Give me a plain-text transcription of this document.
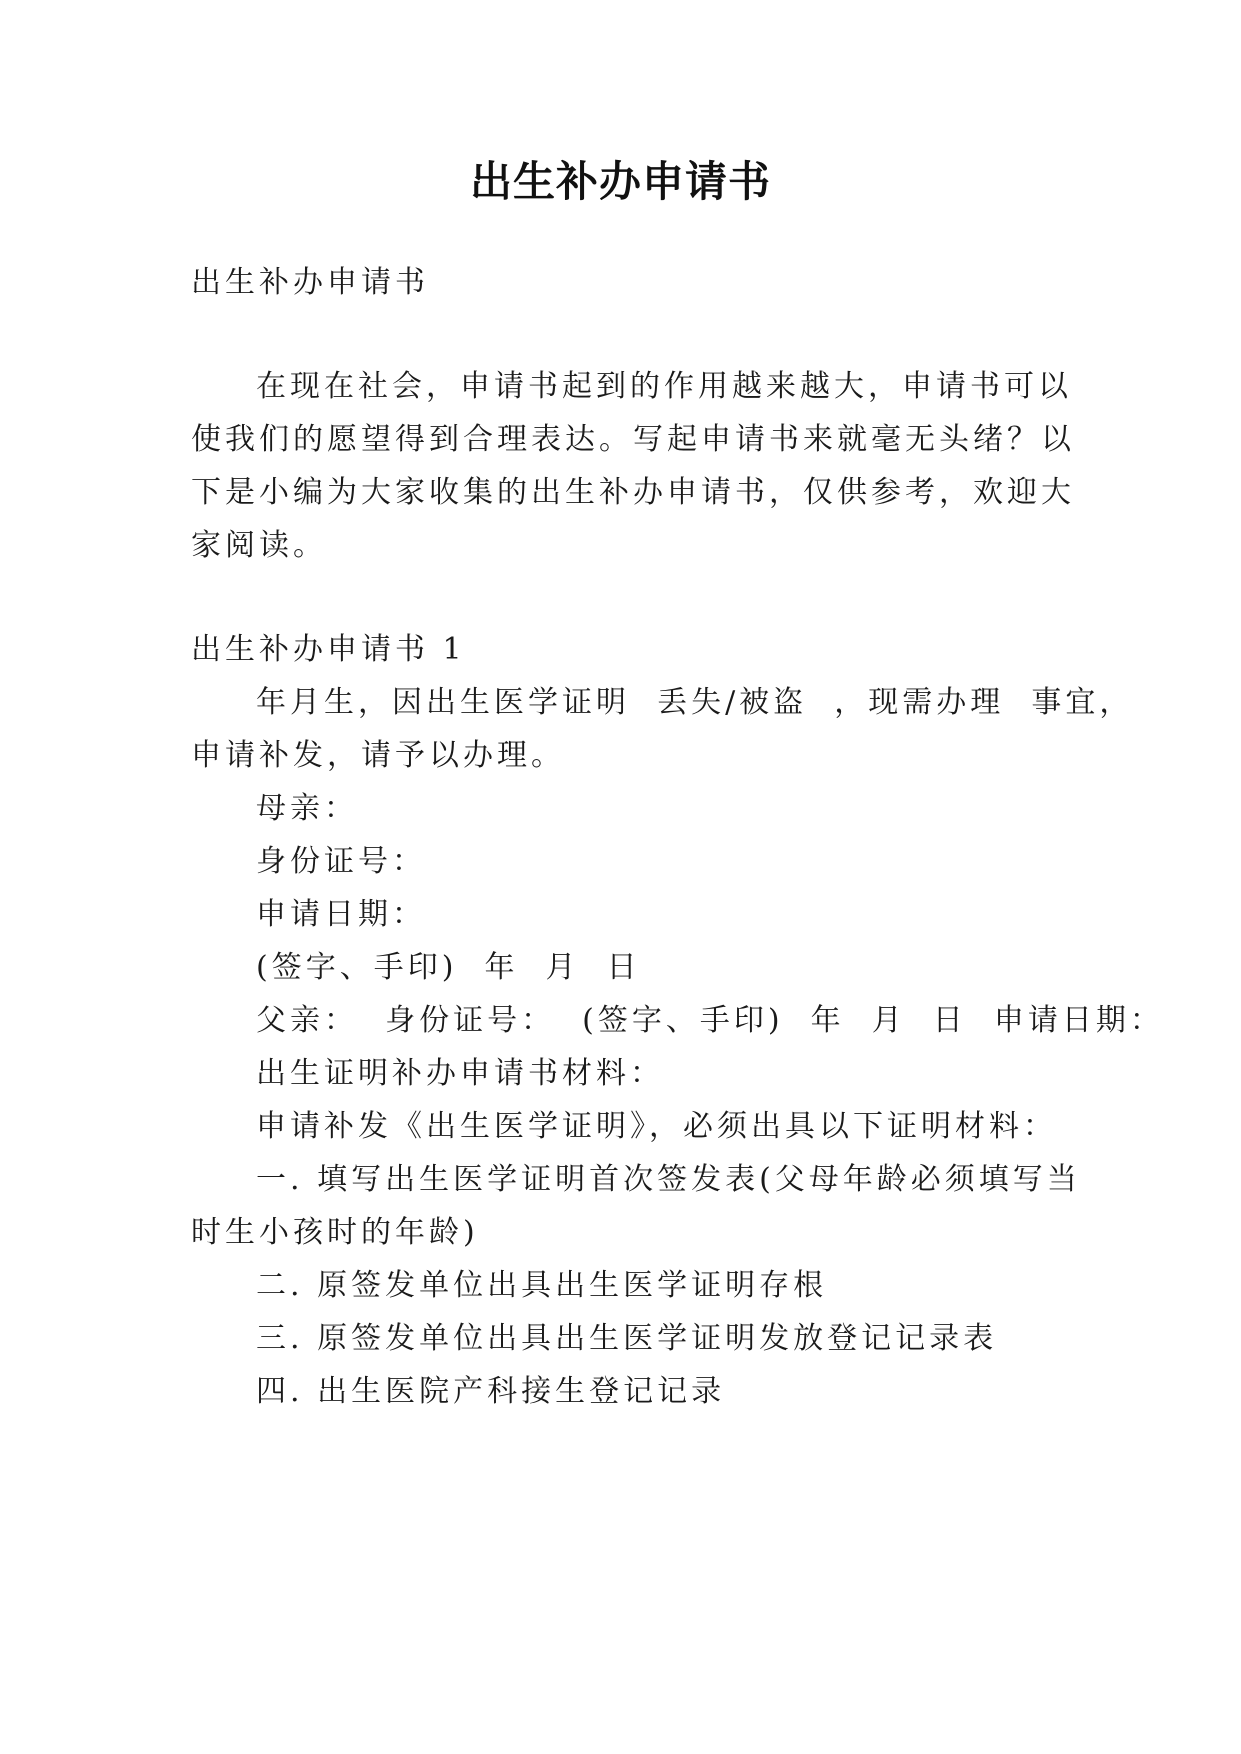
出生补办申请书
出生补办申请书
在现在社会，申请书起到的作用越来越大，申请书可以
使我们的愿望得到合理表达。写起申请书来就毫无头绪？以
下是小编为大家收集的出生补办申请书，仅供参考，欢迎大
家阅读。
出生补办申请书 1
年月生，因出生医学证明  丢失/被盗  ，现需办理  事宜，
申请补发，请予以办理。
母亲：
身份证号：
申请日期：
(签字、手印)  年  月  日
父亲：  身份证号：  (签字、手印)  年  月  日  申请日期：
出生证明补办申请书材料：
申请补发《出生医学证明》，必须出具以下证明材料：
一. 填写出生医学证明首次签发表(父母年龄必须填写当
时生小孩时的年龄)
二. 原签发单位出具出生医学证明存根
三. 原签发单位出具出生医学证明发放登记记录表
四. 出生医院产科接生登记记录
